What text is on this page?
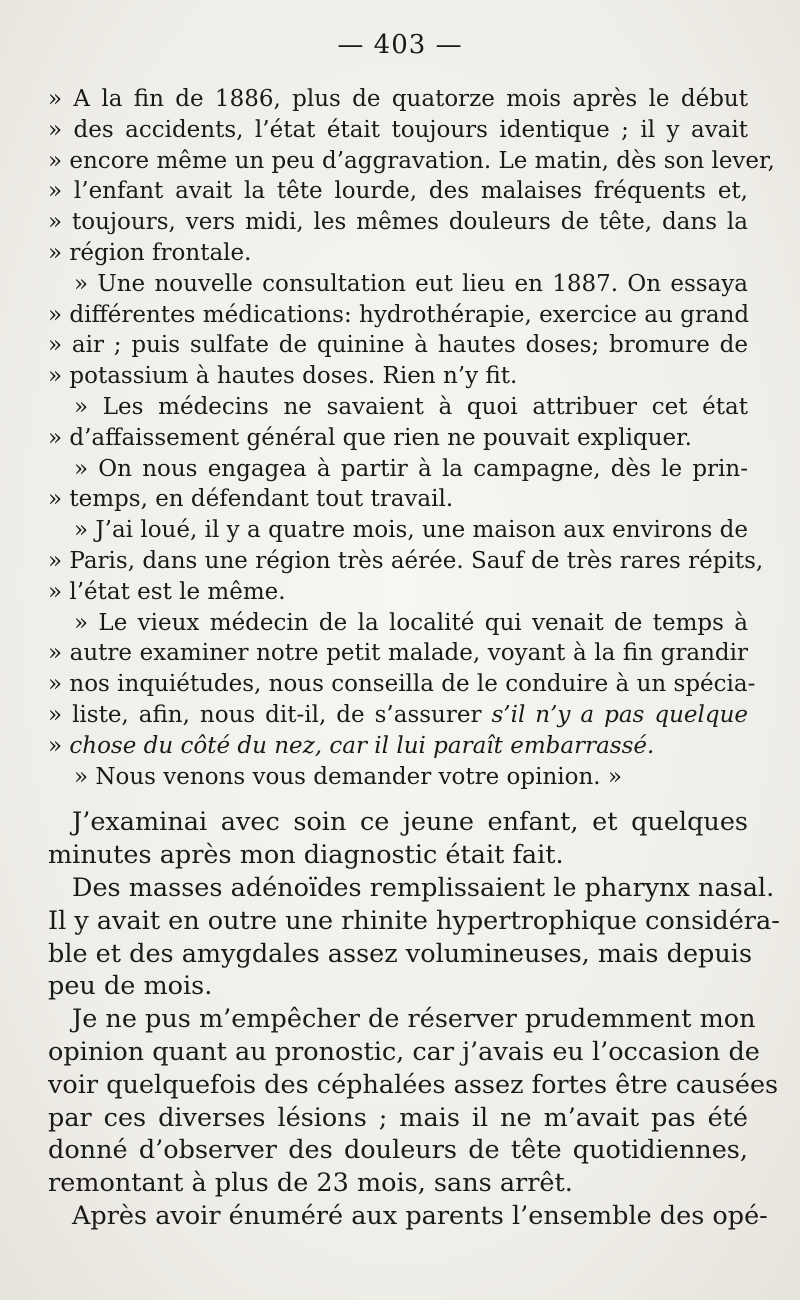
— 403 —
» A la fin de 1886, plus de quatorze mois après le début
» des accidents, l’état était toujours identique ; il y avait
» encore même un peu d’aggravation. Le matin, dès son lever,
» l’enfant avait la tête lourde, des malaises fréquents et,
» toujours, vers midi, les mêmes douleurs de tête, dans la
» région frontale.
» Une nouvelle consultation eut lieu en 1887. On essaya
» différentes médications: hydrothérapie, exercice au grand
» air ; puis sulfate de quinine à hautes doses; bromure de
» potassium à hautes doses. Rien n’y fit.
» Les médecins ne savaient à quoi attribuer cet état
» d’affaissement général que rien ne pouvait expliquer.
» On nous engagea à partir à la campagne, dès le prin-
» temps, en défendant tout travail.
» J’ai loué, il y a quatre mois, une maison aux environs de
» Paris, dans une région très aérée. Sauf de très rares répits,
» l’état est le même.
» Le vieux médecin de la localité qui venait de temps à
» autre examiner notre petit malade, voyant à la fin grandir
» nos inquiétudes, nous conseilla de le conduire à un spécia-
» liste, afin, nous dit-il, de s’assurer s’il n’y a pas quelque
» chose du côté du nez, car il lui paraît embarrassé.
» Nous venons vous demander votre opinion. »
J’examinai avec soin ce jeune enfant, et quelques
minutes après mon diagnostic était fait.
Des masses adénoïdes remplissaient le pharynx nasal.
Il y avait en outre une rhinite hypertrophique considéra-
ble et des amygdales assez volumineuses, mais depuis
peu de mois.
Je ne pus m’empêcher de réserver prudemment mon
opinion quant au pronostic, car j’avais eu l’occasion de
voir quelquefois des céphalées assez fortes être causées
par ces diverses lésions ; mais il ne m’avait pas été
donné d’observer des douleurs de tête quotidiennes,
remontant à plus de 23 mois, sans arrêt.
Après avoir énuméré aux parents l’ensemble des opé-
